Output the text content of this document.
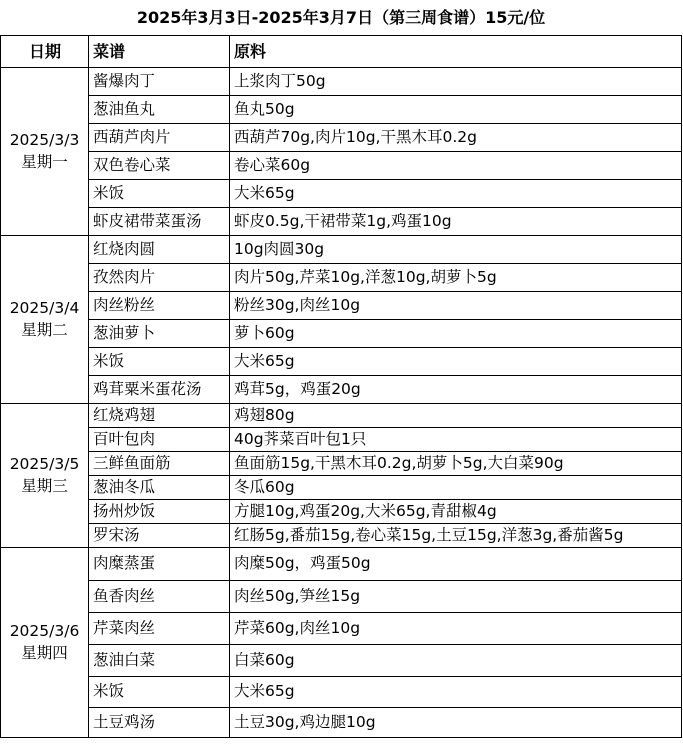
2025年3月3日-2025年3月7日（第三周食谱）15元/位		
日期	菜谱	原料

2025/3/3
星期一	酱爆肉丁	上浆肉丁50g
	葱油鱼丸	鱼丸50g
	西葫芦肉片	西葫芦70g,肉片10g,干黑木耳0.2g
	双色卷心菜	卷心菜60g
	米饭	大米65g
	虾皮裙带菜蛋汤	虾皮0.5g,干裙带菜1g,鸡蛋10g

2025/3/4
星期二	红烧肉圆	10g肉圆30g
	孜然肉片	肉片50g,芹菜10g,洋葱10g,胡萝卜5g
	肉丝粉丝	粉丝30g,肉丝10g
	葱油萝卜	萝卜60g
	米饭	大米65g
	鸡茸粟米蛋花汤	鸡茸5g，鸡蛋20g

2025/3/5
星期三	红烧鸡翅	鸡翅80g
	百叶包肉	40g荠菜百叶包1只
	三鲜鱼面筋	鱼面筋15g,干黑木耳0.2g,胡萝卜5g,大白菜90g
	葱油冬瓜	冬瓜60g
	扬州炒饭	方腿10g,鸡蛋20g,大米65g,青甜椒4g
	罗宋汤	红肠5g,番茄15g,卷心菜15g,土豆15g,洋葱3g,番茄酱5g

2025/3/6
星期四	肉糜蒸蛋	肉糜50g，鸡蛋50g
	鱼香肉丝	肉丝50g,笋丝15g
	芹菜肉丝	芹菜60g,肉丝10g
	葱油白菜	白菜60g
	米饭	大米65g
	土豆鸡汤	土豆30g,鸡边腿10g
